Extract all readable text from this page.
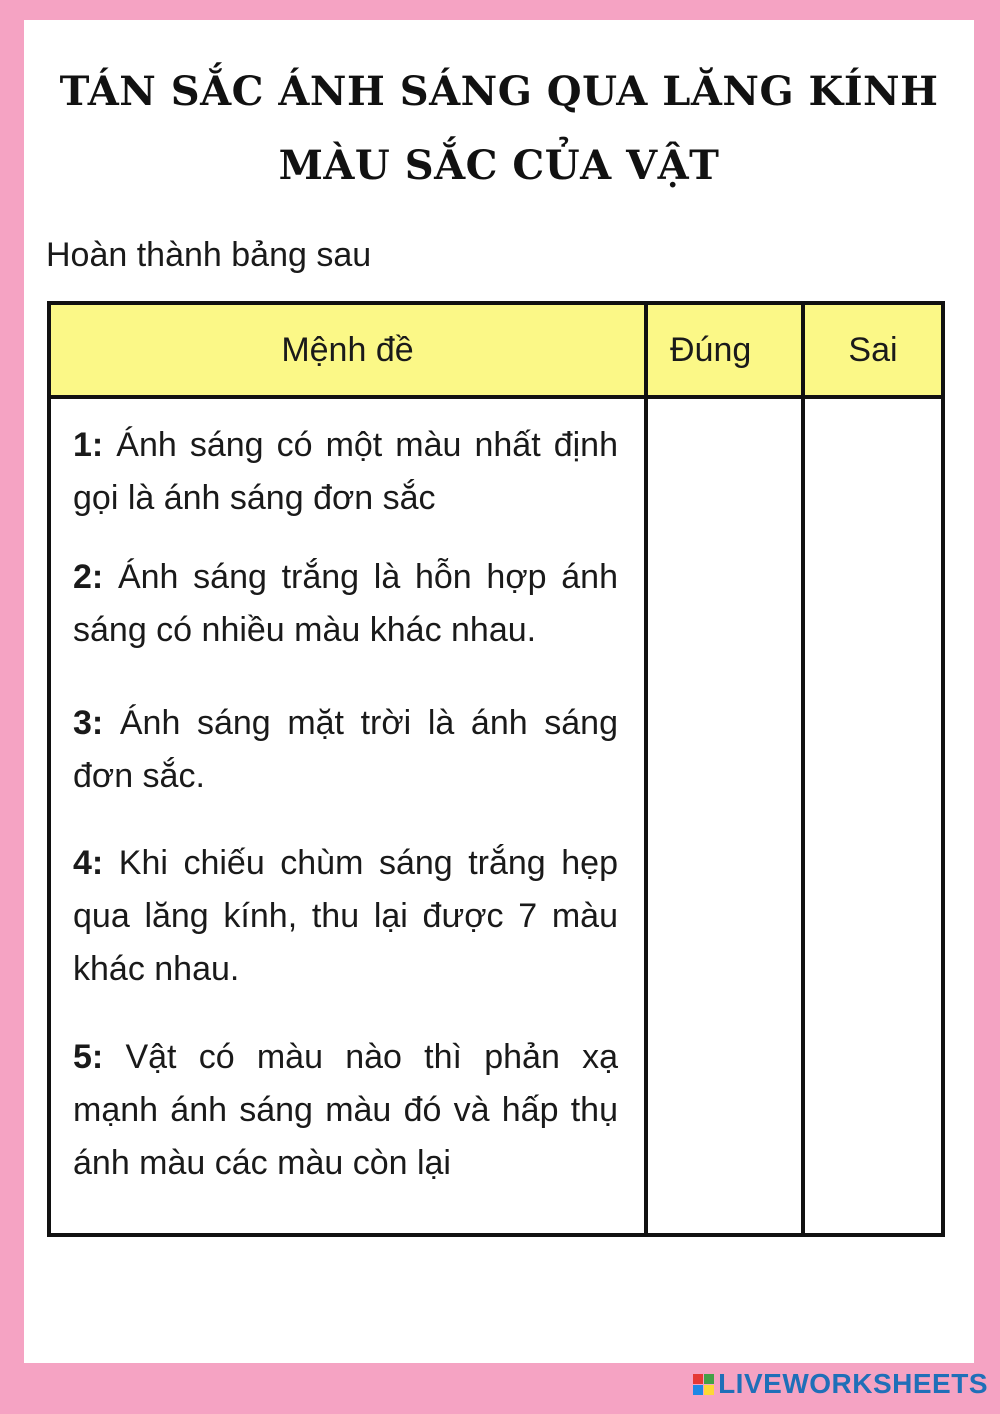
TÁN SẮC ÁNH SÁNG QUA LĂNG KÍNH
MÀU SẮC CỦA VẬT
Hoàn thành bảng sau
Mệnh đề	Đúng	Sai
1: Ánh sáng có một màu nhất định gọi là ánh sáng đơn sắc
2: Ánh sáng trắng là hỗn hợp ánh sáng có nhiều màu khác nhau.
3: Ánh sáng mặt trời là ánh sáng đơn sắc.
4: Khi chiếu chùm sáng trắng hẹp qua lăng kính, thu lại được 7 màu khác nhau.
5: Vật có màu nào thì phản xạ mạnh ánh sáng màu đó và hấp thụ ánh màu các màu còn lại
LIVEWORKSHEETS
